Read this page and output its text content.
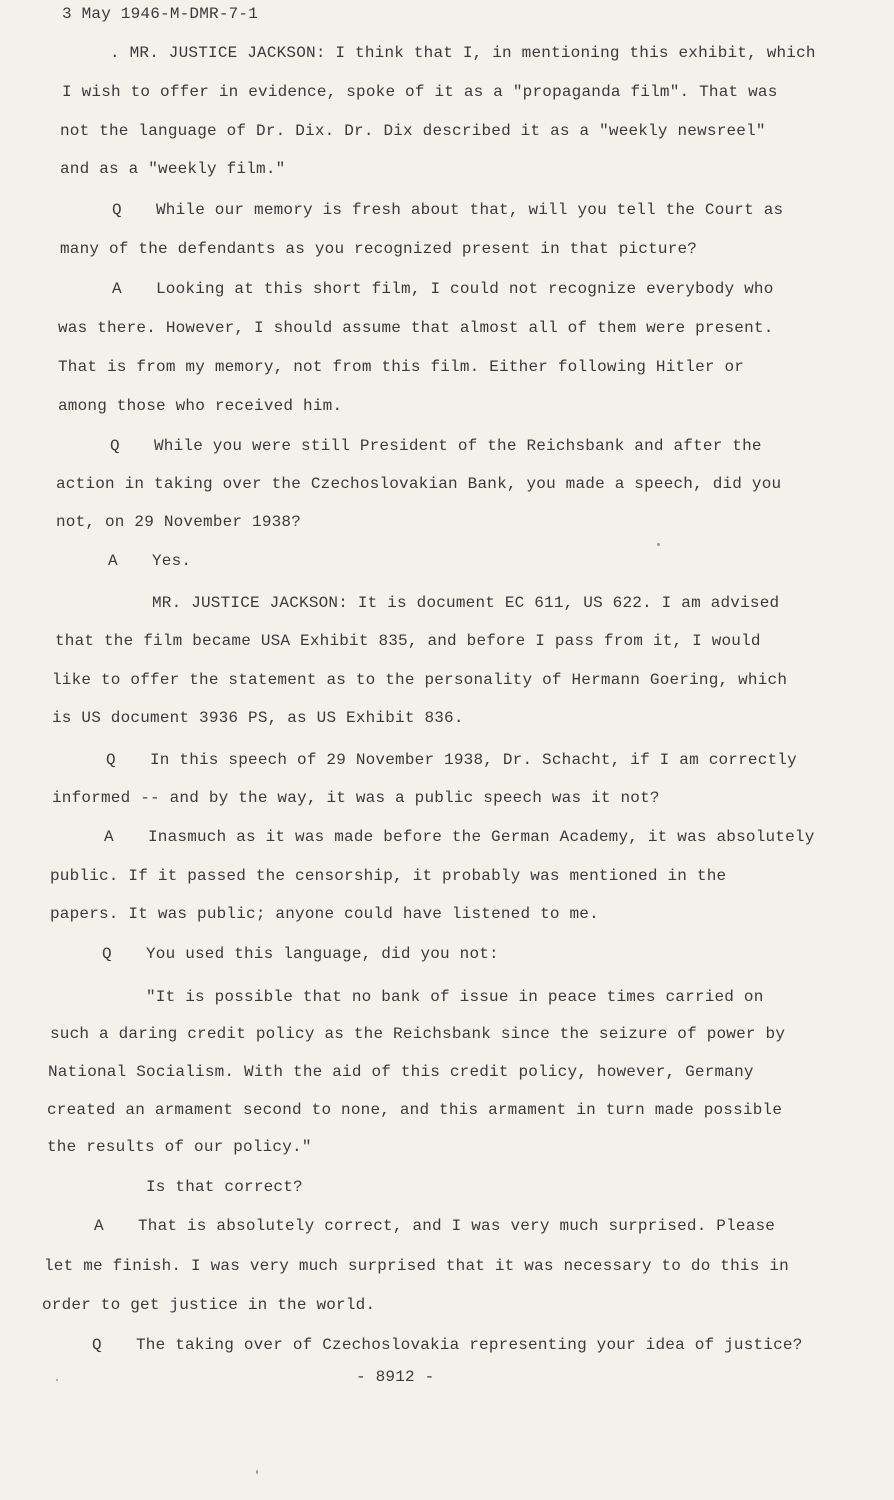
3 May 1946-M-DMR-7-1
. MR. JUSTICE JACKSON: I think that I, in mentioning this exhibit, which
I wish to offer in evidence, spoke of it as a "propaganda film". That was
not the language of Dr. Dix. Dr. Dix described it as a "weekly newsreel"
and as a "weekly film."
Q While our memory is fresh about that, will you tell the Court as
many of the defendants as you recognized present in that picture?
A Looking at this short film, I could not recognize everybody who
was there. However, I should assume that almost all of them were present.
That is from my memory, not from this film. Either following Hitler or
among those who received him.
Q While you were still President of the Reichsbank and after the
action in taking over the Czechoslovakian Bank, you made a speech, did you
not, on 29 November 1938?
A Yes.
MR. JUSTICE JACKSON: It is document EC 611, US 622. I am advised
that the film became USA Exhibit 835, and before I pass from it, I would
like to offer the statement as to the personality of Hermann Goering, which
is US document 3936 PS, as US Exhibit 836.
Q In this speech of 29 November 1938, Dr. Schacht, if I am correctly
informed -- and by the way, it was a public speech was it not?
A Inasmuch as it was made before the German Academy, it was absolutely
public. If it passed the censorship, it probably was mentioned in the
papers. It was public; anyone could have listened to me.
Q You used this language, did you not:
"It is possible that no bank of issue in peace times carried on
such a daring credit policy as the Reichsbank since the seizure of power by
National Socialism. With the aid of this credit policy, however, Germany
created an armament second to none, and this armament in turn made possible
the results of our policy."
Is that correct?
A That is absolutely correct, and I was very much surprised. Please
let me finish. I was very much surprised that it was necessary to do this in
order to get justice in the world.
Q The taking over of Czechoslovakia representing your idea of justice?
- 8912 -
